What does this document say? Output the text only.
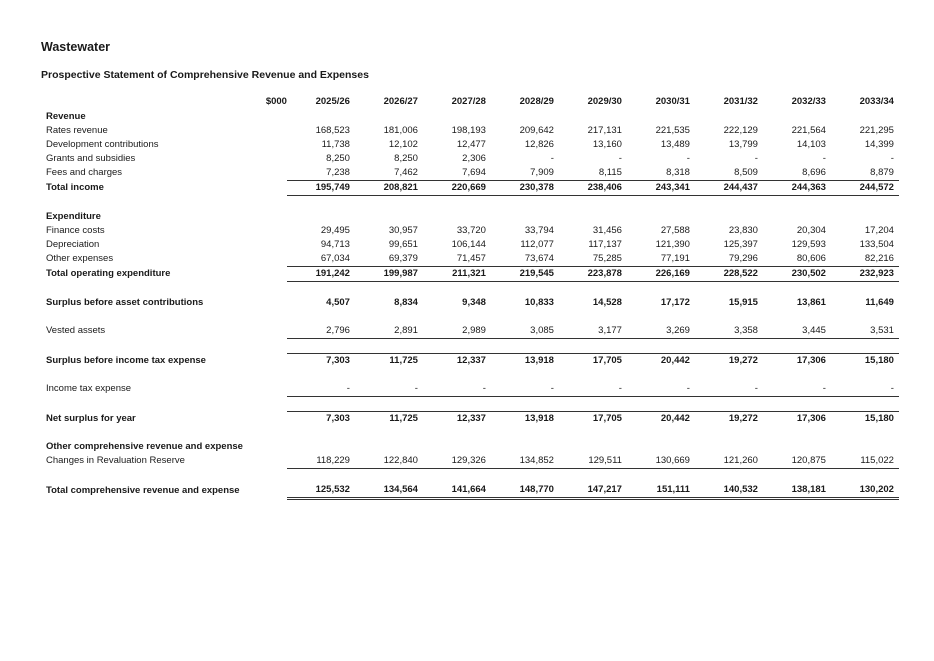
Wastewater
Prospective Statement of Comprehensive Revenue and Expenses
	$000	2025/26	2026/27	2027/28	2028/29	2029/30	2030/31	2031/32	2032/33	2033/34
Revenue										
Rates revenue		168,523	181,006	198,193	209,642	217,131	221,535	222,129	221,564	221,295
Development contributions		11,738	12,102	12,477	12,826	13,160	13,489	13,799	14,103	14,399
Grants and subsidies		8,250	8,250	2,306	-	-	-	-	-	-
Fees and charges		7,238	7,462	7,694	7,909	8,115	8,318	8,509	8,696	8,879
Total income		195,749	208,821	220,669	230,378	238,406	243,341	244,437	244,363	244,572

Expenditure										
Finance costs		29,495	30,957	33,720	33,794	31,456	27,588	23,830	20,304	17,204
Depreciation		94,713	99,651	106,144	112,077	117,137	121,390	125,397	129,593	133,504
Other expenses		67,034	69,379	71,457	73,674	75,285	77,191	79,296	80,606	82,216
Total operating expenditure		191,242	199,987	211,321	219,545	223,878	226,169	228,522	230,502	232,923

Surplus before asset contributions		4,507	8,834	9,348	10,833	14,528	17,172	15,915	13,861	11,649

Vested assets		2,796	2,891	2,989	3,085	3,177	3,269	3,358	3,445	3,531

Surplus before income tax expense		7,303	11,725	12,337	13,918	17,705	20,442	19,272	17,306	15,180

Income tax expense		-	-	-	-	-	-	-	-	-

Net surplus for year		7,303	11,725	12,337	13,918	17,705	20,442	19,272	17,306	15,180

Other comprehensive revenue and expense										
Changes in Revaluation Reserve		118,229	122,840	129,326	134,852	129,511	130,669	121,260	120,875	115,022

Total comprehensive revenue and expense		125,532	134,564	141,664	148,770	147,217	151,111	140,532	138,181	130,202
